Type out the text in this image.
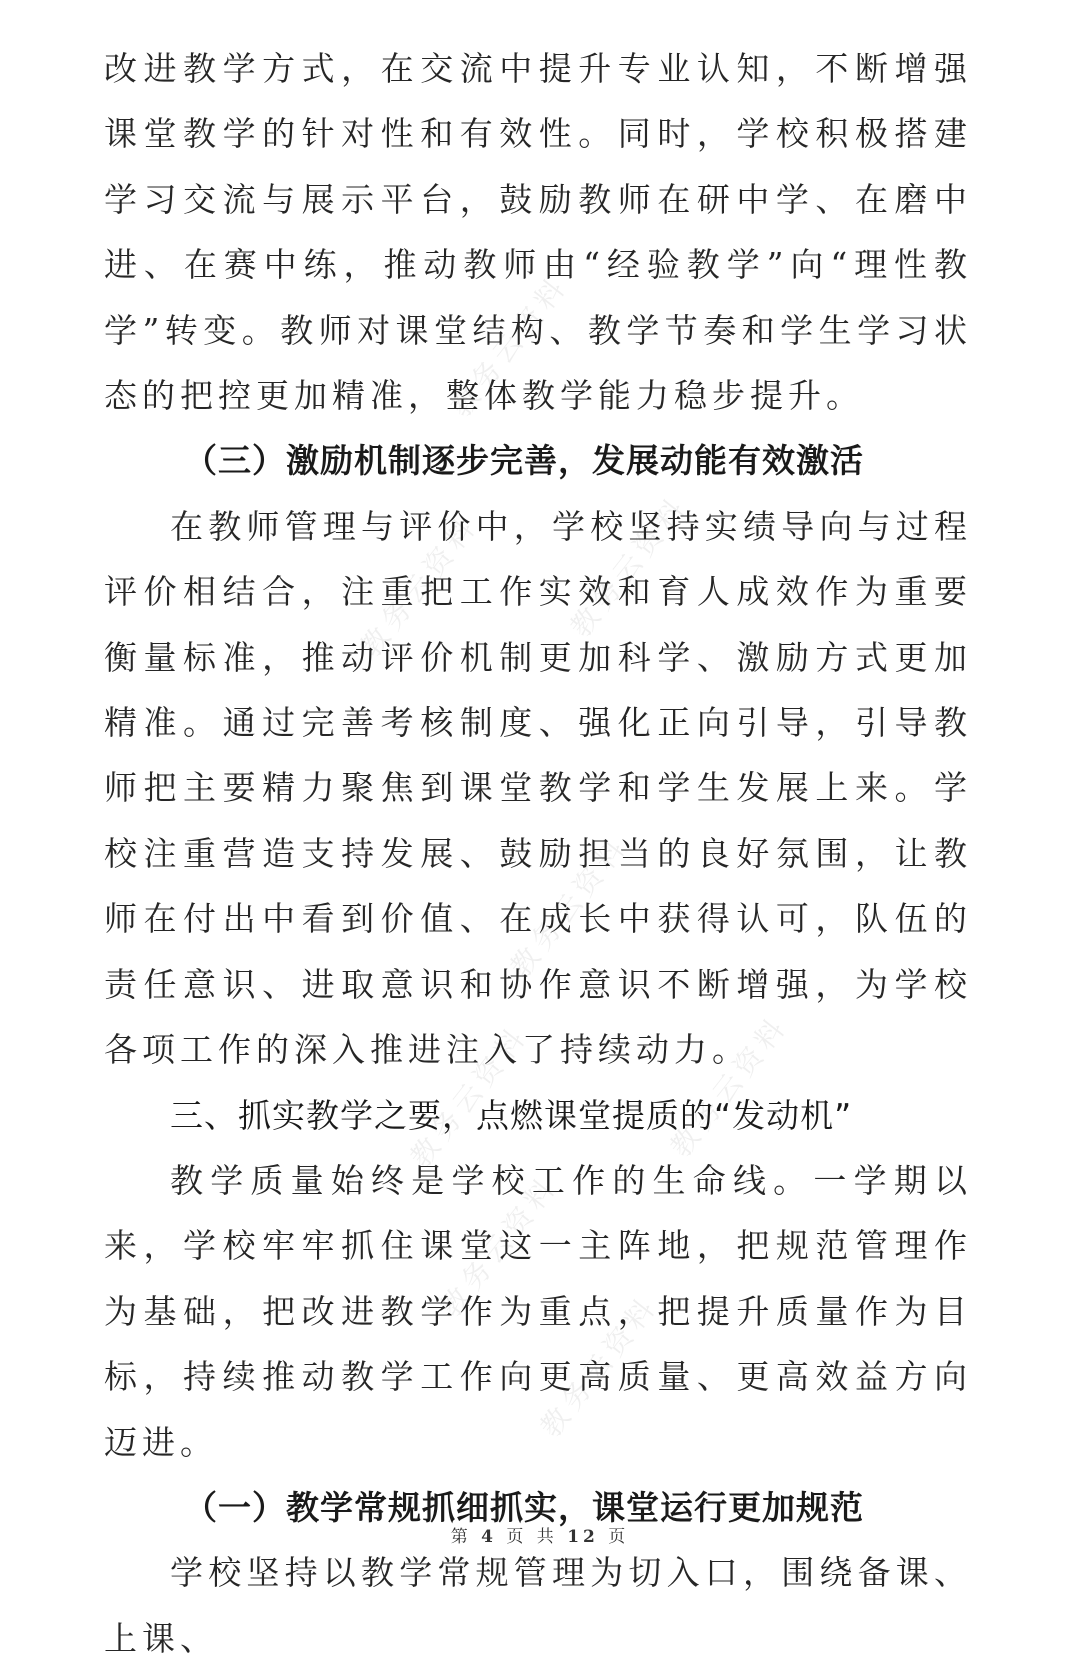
教务云资料
教务云资料	教务云资料
教务云资料
教务云资料	教务云资料
教务云资料
教务云资料

改进教学方式，在交流中提升专业认知，不断增强课堂教学的针对性和有效性。同时，学校积极搭建学习交流与展示平台，鼓励教师在研中学、在磨中进、在赛中练，推动教师由“经验教学”向“理性教学”转变。教师对课堂结构、教学节奏和学生学习状态的把控更加精准，整体教学能力稳步提升。

（三）激励机制逐步完善，发展动能有效激活

在教师管理与评价中，学校坚持实绩导向与过程评价相结合，注重把工作实效和育人成效作为重要衡量标准，推动评价机制更加科学、激励方式更加精准。通过完善考核制度、强化正向引导，引导教师把主要精力聚焦到课堂教学和学生发展上来。学校注重营造支持发展、鼓励担当的良好氛围，让教师在付出中看到价值、在成长中获得认可，队伍的责任意识、进取意识和协作意识不断增强，为学校各项工作的深入推进注入了持续动力。

三、抓实教学之要，点燃课堂提质的“发动机”

教学质量始终是学校工作的生命线。一学期以来，学校牢牢抓住课堂这一主阵地，把规范管理作为基础，把改进教学作为重点，把提升质量作为目标，持续推动教学工作向更高质量、更高效益方向迈进。

（一）教学常规抓细抓实，课堂运行更加规范

学校坚持以教学常规管理为切入口，围绕备课、上课、

第 4 页 共 12 页
